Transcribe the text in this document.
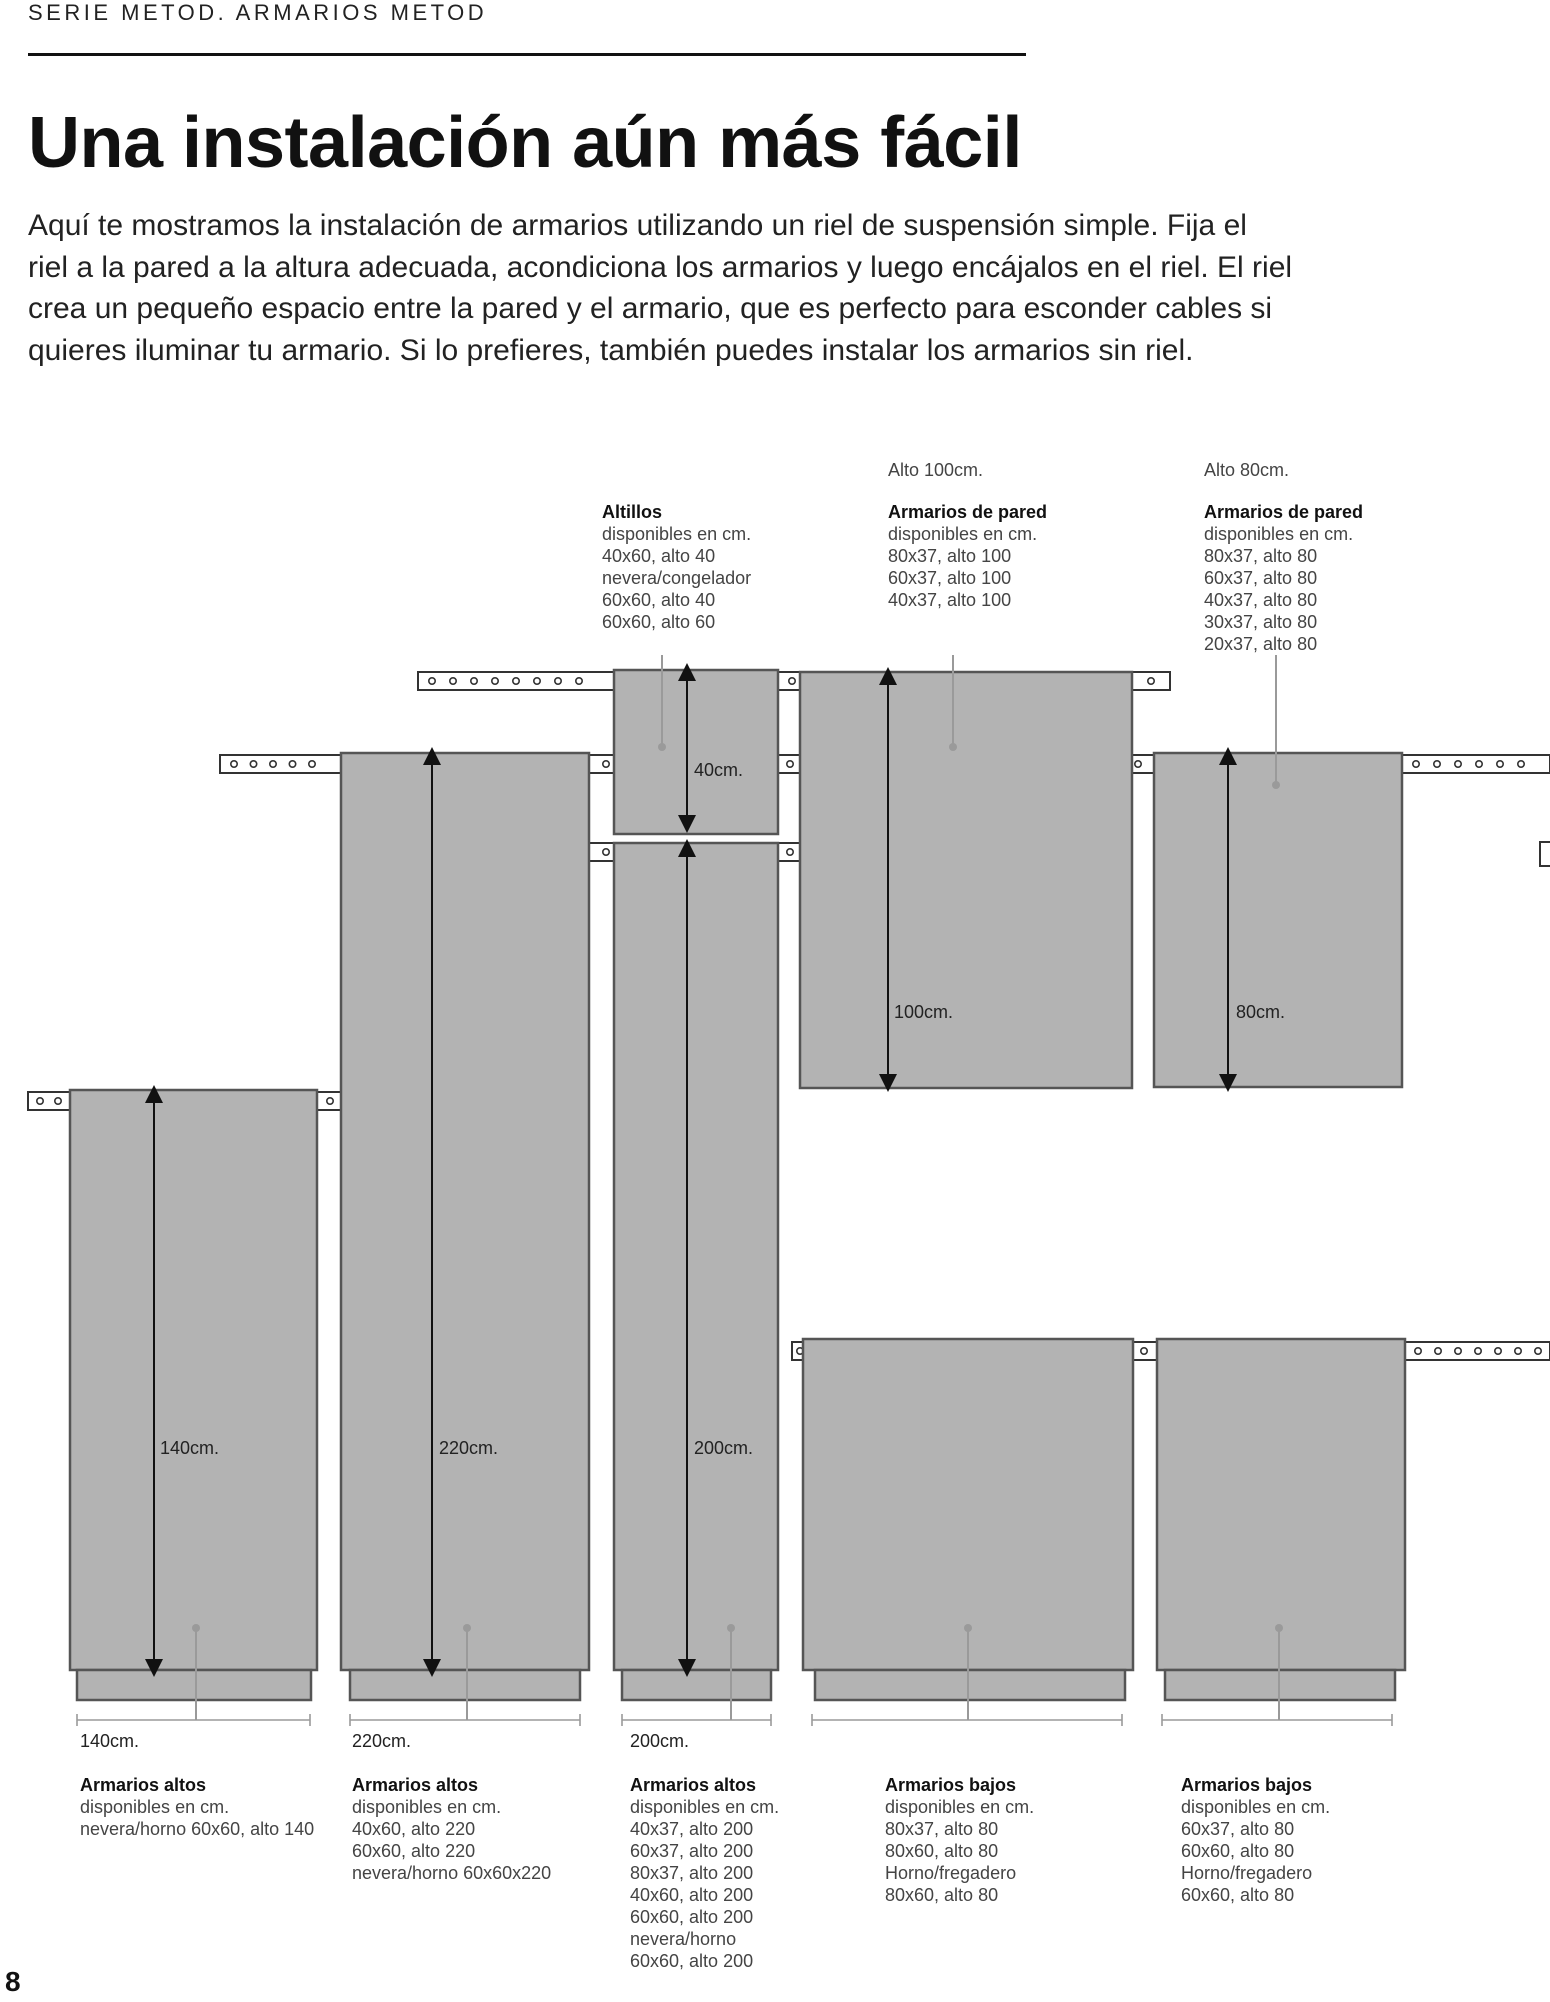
SERIE METOD. ARMARIOS METOD
Una instalación aún más fácil

Aquí te mostramos la instalación de armarios utilizando un riel de suspensión simple. Fija el
riel a la pared a la altura adecuada, acondiciona los armarios y luego encájalos en el riel. El riel
crea un pequeño espacio entre la pared y el armario, que es perfecto para esconder cables si
quieres iluminar tu armario. Si lo prefieres, también puedes instalar los armarios sin riel.

Altillos
disponibles en cm.
40x60, alto 40
nevera/congelador
60x60, alto 40
60x60, alto 60
Alto 100cm.
Armarios de pared
disponibles en cm.
80x37, alto 100
60x37, alto 100
40x37, alto 100
Alto 80cm.
Armarios de pared
disponibles en cm.
80x37, alto 80
60x37, alto 80
40x37, alto 80
30x37, alto 80
20x37, alto 80
40cm.
100cm.	80cm.
140cm.	220cm.	200cm.
140cm.
Armarios altos
disponibles en cm.
nevera/horno 60x60, alto 140
220cm.
Armarios altos
disponibles en cm.
40x60, alto 220
60x60, alto 220
nevera/horno 60x60x220
200cm.
Armarios altos
disponibles en cm.
40x37, alto 200
60x37, alto 200
80x37, alto 200
40x60, alto 200
60x60, alto 200
nevera/horno
60x60, alto 200
Armarios bajos
disponibles en cm.
80x37, alto 80
80x60, alto 80
Horno/fregadero
80x60, alto 80
Armarios bajos
disponibles en cm.
60x37, alto 80
60x60, alto 80
Horno/fregadero
60x60, alto 80
8
